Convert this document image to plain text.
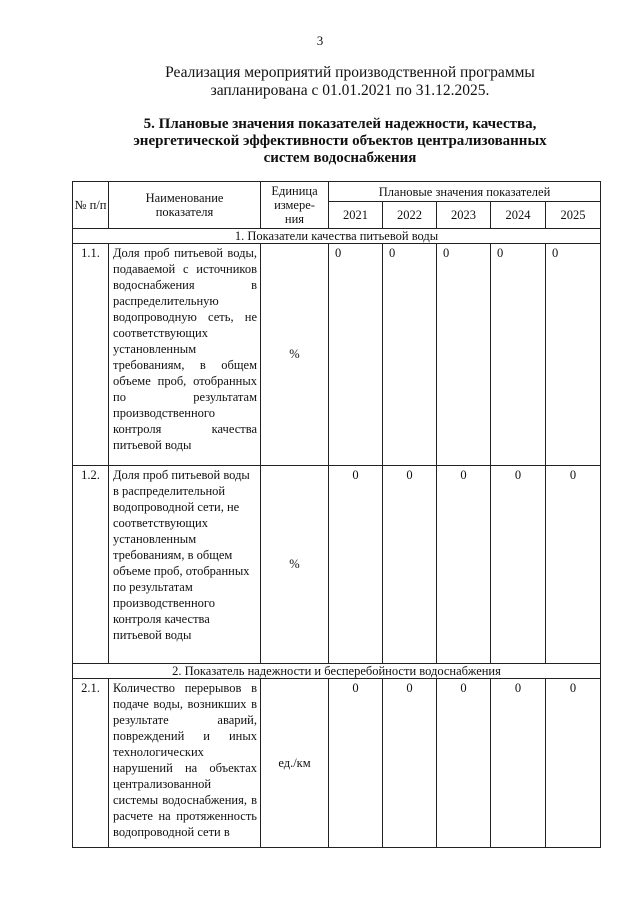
3
Реализация мероприятий производственной программы
запланирована с 01.01.2021 по 31.12.2025.
5. Плановые значения показателей надежности, качества,
энергетической эффективности объектов централизованных
систем водоснабжения
№ п/п	Наименование показателя	Единица измере-ния	Плановые значения показателей				
			2021	2022	2023	2024	2025
1. Показатели качества питьевой воды							
1.1.	Доля проб питьевой воды, подаваемой с источников водоснабжения в распределительную водопроводную сеть, не соответствующих установленным требованиям, в общем объеме проб, отобранных по результатам производственного контроля качества питьевой воды	%	0	0	0	0	0
1.2.	Доля проб питьевой воды в распределительной водопроводной сети, не соответствующих установленным требованиям, в общем объеме проб, отобранных по результатам производственного контроля качества питьевой воды	%	0	0	0	0	0
2. Показатель надежности и бесперебойности водоснабжения							
2.1.	Количество перерывов в подаче воды, возникших в результате аварий, повреждений и иных технологических нарушений на объектах централизованной системы водоснабжения, в расчете на протяженность водопроводной сети в	ед./км	0	0	0	0	0
